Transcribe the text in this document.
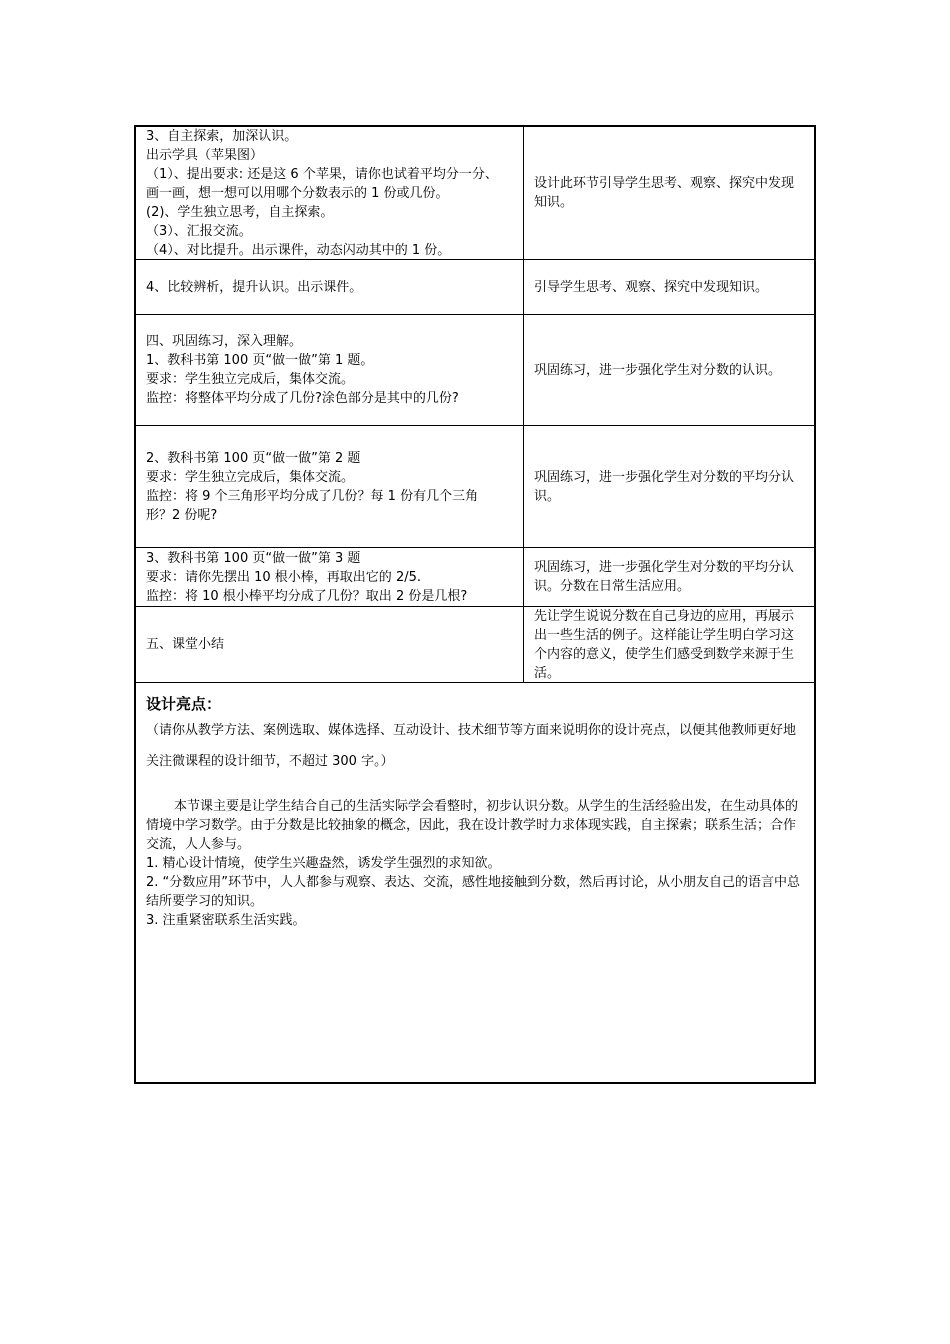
3、自主探索，加深认识。
出示学具（苹果图）
（1）、提出要求: 还是这 6 个苹果，请你也试着平均分一分、
画一画，想一想可以用哪个分数表示的 1 份或几份。
(2)、学生独立思考，自主探索。
（3）、汇报交流。
（4）、对比提升。出示课件，动态闪动其中的 1 份。
设计此环节引导学生思考、观察、探究中发现知识。
4、比较辨析，提升认识。出示课件。	引导学生思考、观察、探究中发现知识。
四、巩固练习，深入理解。
1、教科书第 100 页“做一做”第 1 题。
要求：学生独立完成后，集体交流。
监控：将整体平均分成了几份?涂色部分是其中的几份?
巩固练习，进一步强化学生对分数的认识。
2、教科书第 100 页“做一做”第 2 题
要求：学生独立完成后，集体交流。
监控：将 9 个三角形平均分成了几份？每 1 份有几个三角
形？2 份呢?
巩固练习，进一步强化学生对分数的平均分认识。
3、教科书第 100 页“做一做”第 3 题
要求：请你先摆出 10 根小棒，再取出它的 2/5.
监控：将 10 根小棒平均分成了几份？取出 2 份是几根?
巩固练习，进一步强化学生对分数的平均分认识。分数在日常生活应用。
五、课堂小结
先让学生说说分数在自己身边的应用，再展示出一些生活的例子。这样能让学生明白学习这个内容的意义，使学生们感受到数学来源于生活。
设计亮点：
（请你从教学方法、案例选取、媒体选择、互动设计、技术细节等方面来说明你的设计亮点，以便其他教师更好地关注微课程的设计细节，不超过 300 字。）
本节课主要是让学生结合自己的生活实际学会看整时，初步认识分数。从学生的生活经验出发，在生动具体的情境中学习数学。由于分数是比较抽象的概念，因此，我在设计教学时力求体现实践，自主探索；联系生活；合作交流，人人参与。
1. 精心设计情境，使学生兴趣盎然，诱发学生强烈的求知欲。
2. “分数应用”环节中，人人都参与观察、表达、交流，感性地接触到分数，然后再讨论，从小朋友自己的语言中总结所要学习的知识。
3. 注重紧密联系生活实践。
